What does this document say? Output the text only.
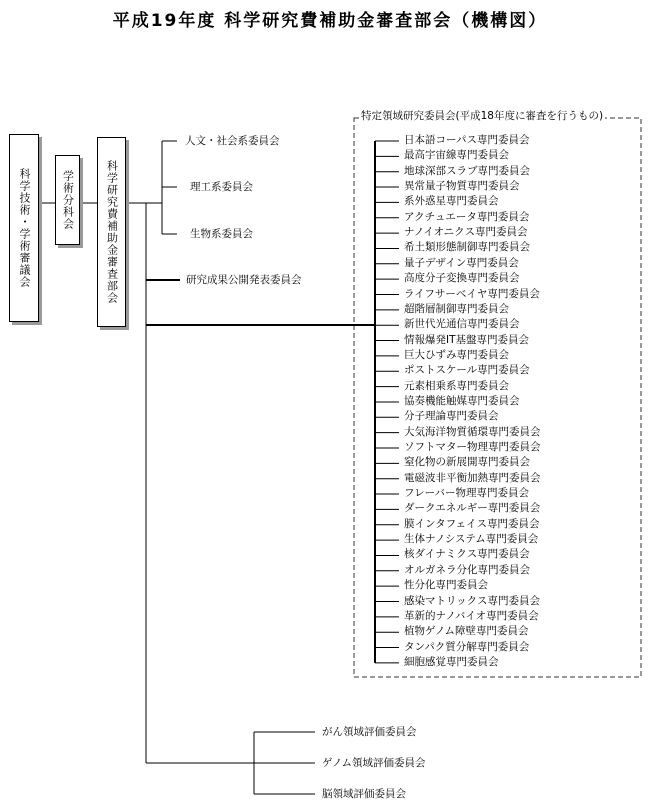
平成19年度 科学研究費補助金審査部会（機構図）
科学技術・学術審議会	学術分科会	科学研究費補助金審査部会
人文・社会系委員会
理工系委員会
生物系委員会
研究成果公開発表委員会
特定領域研究委員会(平成18年度に審査を行うもの)
日本語コーパス専門委員会
最高宇宙線専門委員会
地球深部スラブ専門委員会
異常量子物質専門委員会
系外惑星専門委員会
アクチュエータ専門委員会
ナノイオニクス専門委員会
希土類形態制御専門委員会
量子デザイン専門委員会
高度分子変換専門委員会
ライフサーベイヤ専門委員会
超階層制御専門委員会
新世代光通信専門委員会
情報爆発IT基盤専門委員会
巨大ひずみ専門委員会
ポストスケール専門委員会
元素相乗系専門委員会
協奏機能触媒専門委員会
分子理論専門委員会
大気海洋物質循環専門委員会
ソフトマター物理専門委員会
窒化物の新展開専門委員会
電磁波非平衡加熱専門委員会
フレーバー物理専門委員会
ダークエネルギー専門委員会
膜インタフェイス専門委員会
生体ナノシステム専門委員会
核ダイナミクス専門委員会
オルガネラ分化専門委員会
性分化専門委員会
感染マトリックス専門委員会
革新的ナノバイオ専門委員会
植物ゲノム障壁専門委員会
タンパク質分解専門委員会
細胞感覚専門委員会
がん領域評価委員会
ゲノム領域評価委員会
脳領域評価委員会
